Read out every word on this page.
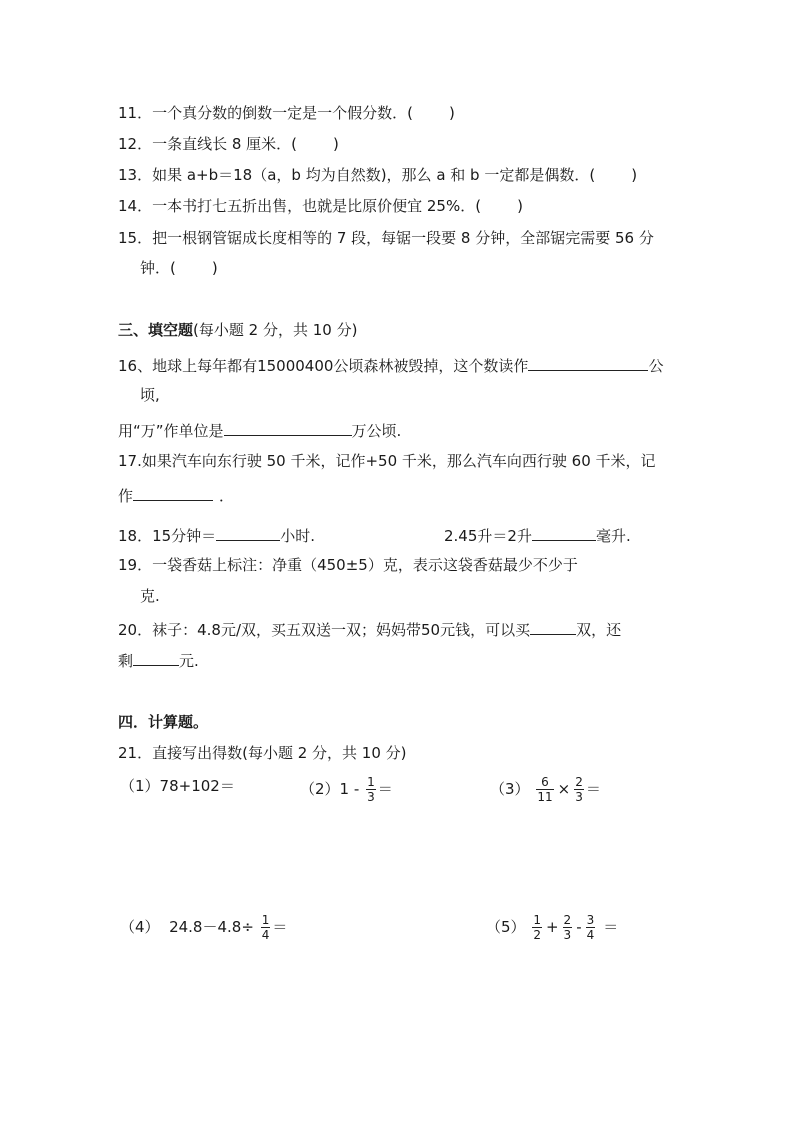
11．一个真分数的倒数一定是一个假分数．( )
12．一条直线长 8 厘米．( )
13．如果 a+b＝18（a，b 均为自然数)，那么 a 和 b 一定都是偶数．( )
14．一本书打七五折出售，也就是比原价便宜 25%．( )
15．把一根钢管锯成长度相等的 7 段，每锯一段要 8 分钟，全部锯完需要 56 分
钟．( )
三、填空题(每小题 2 分，共 10 分)
16、地球上每年都有15000400公顷森林被毁掉，这个数读作	公
顷,
用“万”作单位是	万公顷.
17.如果汽车向东行驶 50 千米，记作+50 千米，那么汽车向西行驶 60 千米，记
作	．
18．15分钟＝	小时.	2.45升＝2升	毫升.
19．一袋香菇上标注：净重（450±5）克，表示这袋香菇最少不少于
克.
20．袜子：4.8元/双，买五双送一双；妈妈带50元钱，可以买	双，还
剩	元.
四．计算题。
21．直接写出得数(每小题 2 分，共 10 分)
（1）78+102＝	$(2)1 - \frac{1}{3}$ ＝	$(3) \frac{6}{11} \times \frac{2}{3}$ ＝
（4）  $24.8-4.8\div \frac{1}{4}$ ＝	$(5) \frac{1}{2} + \frac{2}{3} - \frac{3}{4}$ ＝
